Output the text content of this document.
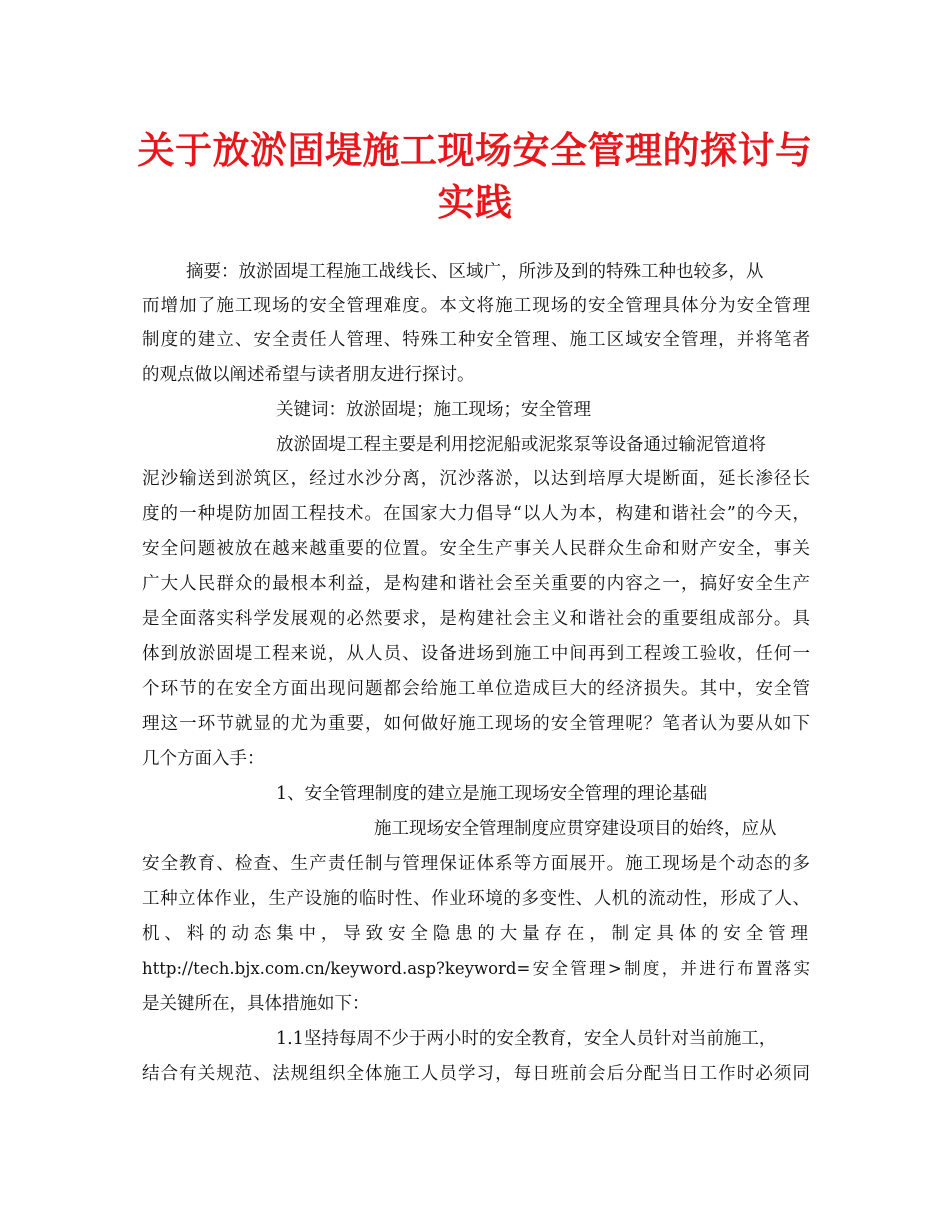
关于放淤固堤施工现场安全管理的探讨与实践
摘要：放淤固堤工程施工战线长、区域广，所涉及到的特殊工种也较多，从
而增加了施工现场的安全管理难度。本文将施工现场的安全管理具体分为安全管理
制度的建立、安全责任人管理、特殊工种安全管理、施工区域安全管理，并将笔者
的观点做以阐述希望与读者朋友进行探讨。
关键词：放淤固堤；施工现场；安全管理
放淤固堤工程主要是利用挖泥船或泥浆泵等设备通过输泥管道将
泥沙输送到淤筑区，经过水沙分离，沉沙落淤，以达到培厚大堤断面，延长渗径长
度的一种堤防加固工程技术。在国家大力倡导“以人为本，构建和谐社会”的今天，
安全问题被放在越来越重要的位置。安全生产事关人民群众生命和财产安全，事关
广大人民群众的最根本利益，是构建和谐社会至关重要的内容之一，搞好安全生产
是全面落实科学发展观的必然要求，是构建社会主义和谐社会的重要组成部分。具
体到放淤固堤工程来说，从人员、设备进场到施工中间再到工程竣工验收，任何一
个环节的在安全方面出现问题都会给施工单位造成巨大的经济损失。其中，安全管
理这一环节就显的尤为重要，如何做好施工现场的安全管理呢？笔者认为要从如下
几个方面入手：
1、安全管理制度的建立是施工现场安全管理的理论基础
施工现场安全管理制度应贯穿建设项目的始终，应从
安全教育、检查、生产责任制与管理保证体系等方面展开。施工现场是个动态的多
工种立体作业，生产设施的临时性、作业环境的多变性、人机的流动性，形成了人、
机、料的动态集中，导致安全隐患的大量存在，制定具体的安全管理
http://tech.bjx.com.cn/keyword.asp?keyword=安全管理>制度，并进行布置落实
是关键所在，具体措施如下：
1.1坚持每周不少于两小时的安全教育，安全人员针对当前施工，
结合有关规范、法规组织全体施工人员学习，每日班前会后分配当日工作时必须同
